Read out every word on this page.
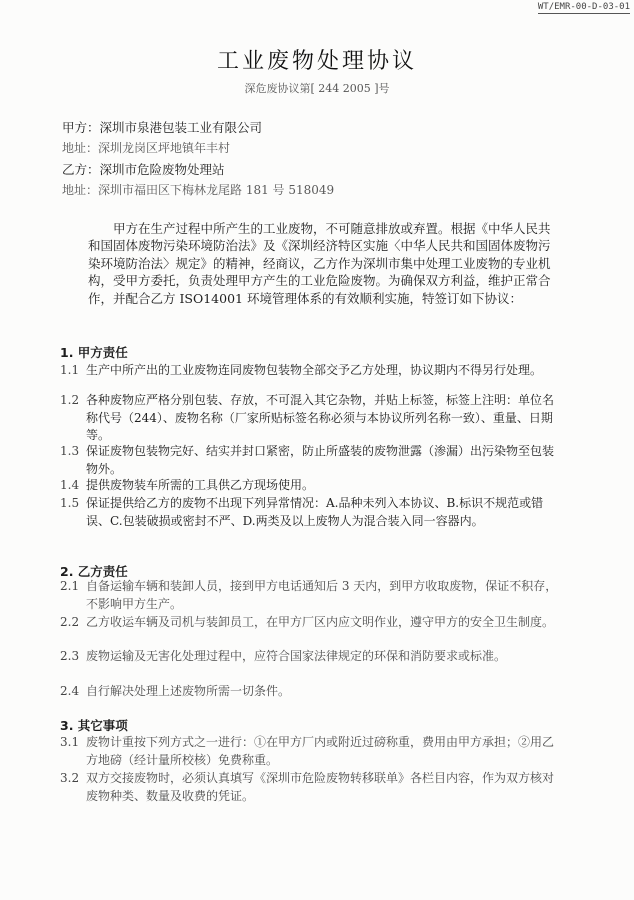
WT/EMR-00-D-03-01
工业废物处理协议
深危废协议第[ 244 2005 ]号
甲方：深圳市泉港包装工业有限公司
地址：深圳龙岗区坪地镇年丰村
乙方：深圳市危险废物处理站
地址：深圳市福田区下梅林龙尾路 181 号 518049
甲方在生产过程中所产生的工业废物，不可随意排放或弃置。根据《中华人民共和国固体废物污染环境防治法》及《深圳经济特区实施〈中华人民共和国固体废物污染环境防治法〉规定》的精神，经商议，乙方作为深圳市集中处理工业废物的专业机构，受甲方委托，负责处理甲方产生的工业危险废物。为确保双方利益，维护正常合作，并配合乙方 ISO14001 环境管理体系的有效顺利实施，特签订如下协议：
1. 甲方责任
1.1 生产中所产出的工业废物连同废物包装物全部交予乙方处理，协议期内不得另行处理。
1.2 各种废物应严格分别包装、存放，不可混入其它杂物，并贴上标签，标签上注明：单位名称代号（244）、废物名称（厂家所贴标签名称必须与本协议所列名称一致）、重量、日期等。
1.3 保证废物包装物完好、结实并封口紧密，防止所盛装的废物泄露（渗漏）出污染物至包装物外。
1.4 提供废物装车所需的工具供乙方现场使用。
1.5 保证提供给乙方的废物不出现下列异常情况：A.品种未列入本协议、B.标识不规范或错误、C.包装破损或密封不严、D.两类及以上废物人为混合装入同一容器内。
2. 乙方责任
2.1 自备运输车辆和装卸人员，接到甲方电话通知后 3 天内，到甲方收取废物，保证不积存，不影响甲方生产。
2.2 乙方收运车辆及司机与装卸员工，在甲方厂区内应文明作业，遵守甲方的安全卫生制度。
2.3 废物运输及无害化处理过程中，应符合国家法律规定的环保和消防要求或标准。
2.4 自行解决处理上述废物所需一切条件。
3. 其它事项
3.1 废物计重按下列方式之一进行：①在甲方厂内或附近过磅称重，费用由甲方承担；②用乙方地磅（经计量所校核）免费称重。
3.2 双方交接废物时，必须认真填写《深圳市危险废物转移联单》各栏目内容，作为双方核对废物种类、数量及收费的凭证。
